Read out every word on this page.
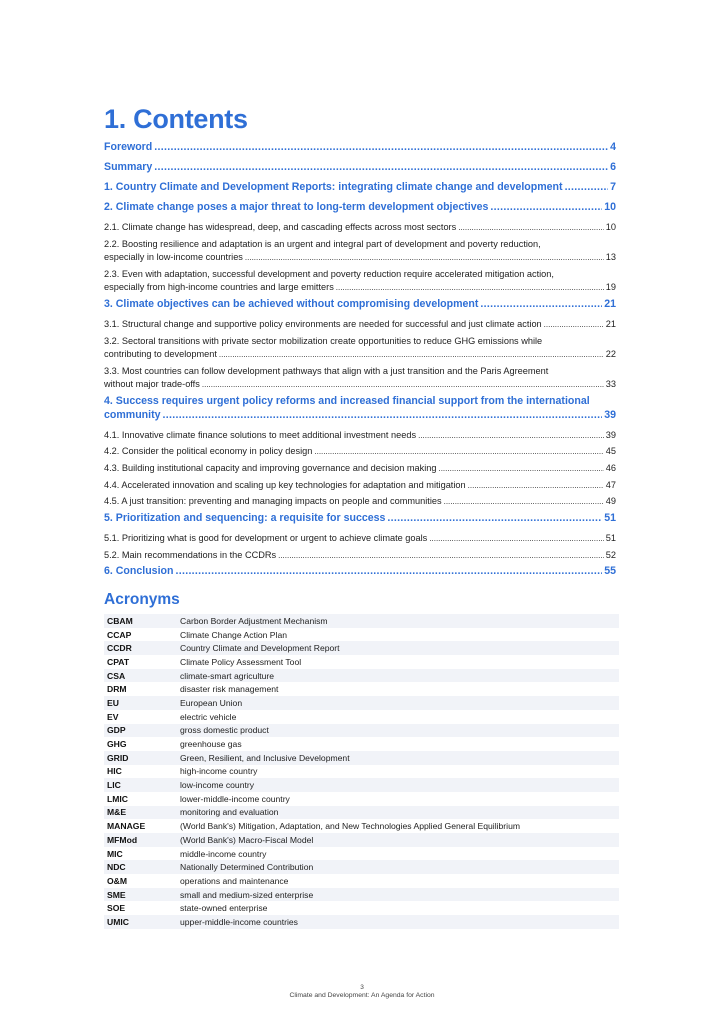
1. Contents
Foreword .....	4
Summary .....	6
1. Country Climate and Development Reports: integrating climate change and development .....	7
2. Climate change poses a major threat to long-term development objectives .....	10
2.1. Climate change has widespread, deep, and cascading effects across most sectors .....	10
2.2. Boosting resilience and adaptation is an urgent and integral part of development and poverty reduction,
especially in low-income countries .....	13
2.3. Even with adaptation, successful development and poverty reduction require accelerated mitigation action,
especially from high-income countries and large emitters .....	19
3. Climate objectives can be achieved without compromising development .....	21
3.1. Structural change and supportive policy environments are needed for successful and just climate action .....	21
3.2. Sectoral transitions with private sector mobilization create opportunities to reduce GHG emissions while
contributing to development .....	22
3.3. Most countries can follow development pathways that align with a just transition and the Paris Agreement
without major trade-offs .....	33
4. Success requires urgent policy reforms and increased financial support from the international
community .....	39
4.1. Innovative climate finance solutions to meet additional investment needs .....	39
4.2. Consider the political economy in policy design .....	45
4.3. Building institutional capacity and improving governance and decision making .....	46
4.4. Accelerated innovation and scaling up key technologies for adaptation and mitigation .....	47
4.5. A just transition: preventing and managing impacts on people and communities .....	49
5. Prioritization and sequencing: a requisite for success .....	51
5.1. Prioritizing what is good for development or urgent to achieve climate goals .....	51
5.2. Main recommendations in the CCDRs .....	52
6. Conclusion .....	55
Acronyms
CBAM	Carbon Border Adjustment Mechanism
CCAP	Climate Change Action Plan
CCDR	Country Climate and Development Report
CPAT	Climate Policy Assessment Tool
CSA	climate-smart agriculture
DRM	disaster risk management
EU	European Union
EV	electric vehicle
GDP	gross domestic product
GHG	greenhouse gas
GRID	Green, Resilient, and Inclusive Development
HIC	high-income country
LIC	low-income country
LMIC	lower-middle-income country
M&E	monitoring and evaluation
MANAGE	(World Bank's) Mitigation, Adaptation, and New Technologies Applied General Equilibrium
MFMod	(World Bank's) Macro-Fiscal Model
MIC	middle-income country
NDC	Nationally Determined Contribution
O&M	operations and maintenance
SME	small and medium-sized enterprise
SOE	state-owned enterprise
UMIC	upper-middle-income countries
3
Climate and Development: An Agenda for Action
